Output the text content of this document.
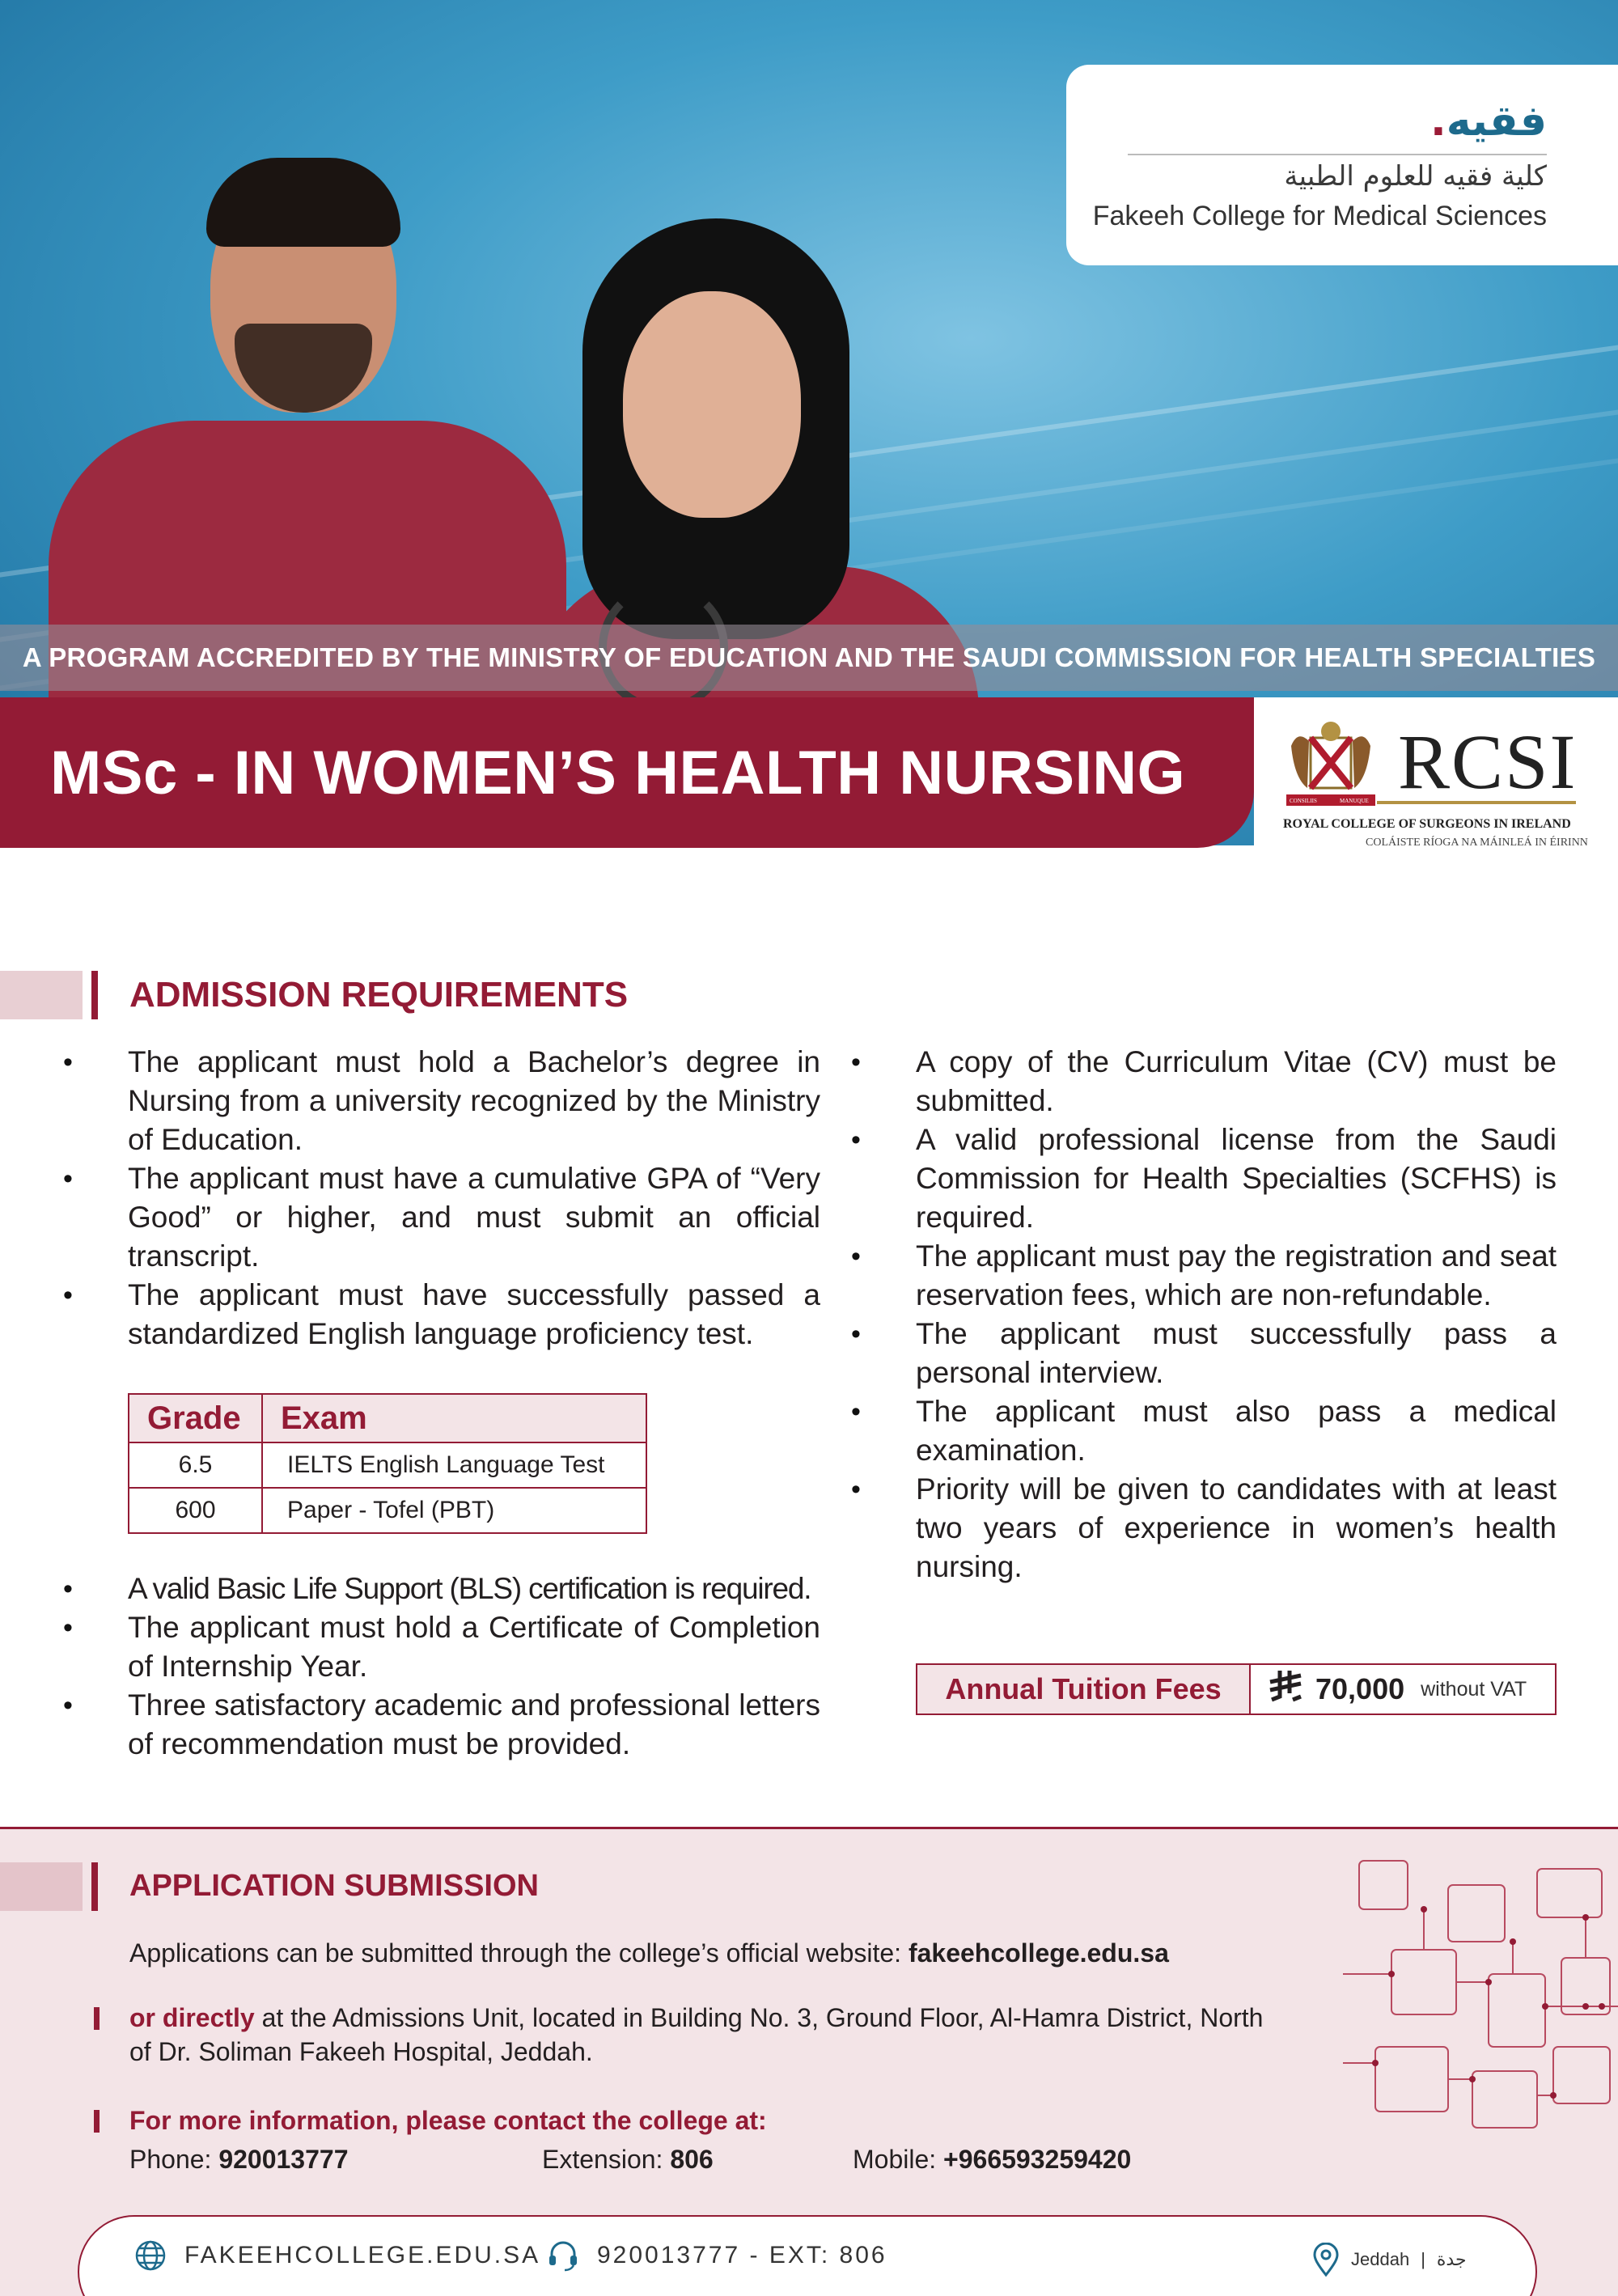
.فقيه
كلية فقيه للعلوم الطبية
Fakeeh College for Medical Sciences
A PROGRAM ACCREDITED BY THE MINISTRY OF EDUCATION AND THE SAUDI COMMISSION FOR HEALTH SPECIALTIES
MSc - IN WOMEN’S HEALTH NURSING	CONSILIIS	MANUQUE RCSI
ROYAL COLLEGE OF SURGEONS IN IRELAND
COLÁISTE RÍOGA NA MÁINLEÁ IN ÉIRINN
ADMISSION REQUIREMENTS
• The applicant must hold a Bachelor’s degree in Nursing from a university recognized by the Ministry of Education.
• The applicant must have a cumulative GPA of “Very Good” or higher, and must submit an official transcript.
• The applicant must have successfully passed a standardized English language proficiency test.
Grade	Exam
6.5	IELTS English Language Test
600	Paper - Tofel (PBT)
• A valid Basic Life Support (BLS) certification is required.
• The applicant must hold a Certificate of Completion of Internship Year.
• Three satisfactory academic and professional letters of recommendation must be provided.
• A copy of the Curriculum Vitae (CV) must be submitted.
• A valid professional license from the Saudi Commission for Health Specialties (SCFHS) is required.
• The applicant must pay the registration and seat reservation fees, which are non-refundable.
• The applicant must successfully pass a personal interview.
• The applicant must also pass a medical examination.
• Priority will be given to candidates with at least two years of experience in women’s health nursing.
Annual Tuition Fees	70,000 without VAT
APPLICATION SUBMISSION
Applications can be submitted through the college’s official website: fakeehcollege.edu.sa
or directly at the Admissions Unit, located in Building No. 3, Ground Floor, Al-Hamra District, North
of Dr. Soliman Fakeeh Hospital, Jeddah.
For more information, please contact the college at:
Phone: 920013777	Extension: 806	Mobile: +966593259420
FAKEEHCOLLEGE.EDU.SA 920013777 - EXT: 806	Jeddah | جدة
